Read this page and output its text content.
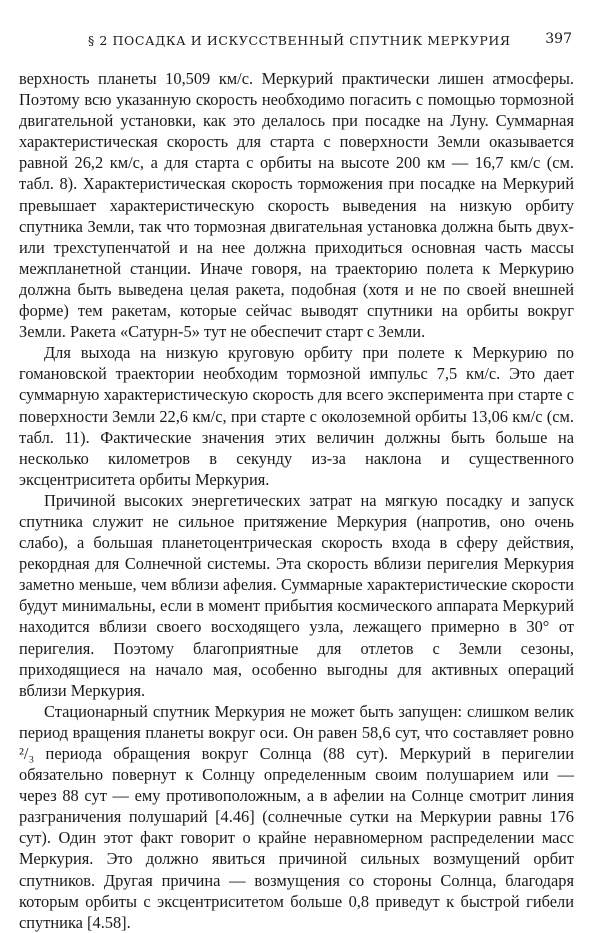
§ 2 ПОСАДКА И ИСКУССТВЕННЫЙ СПУТНИК МЕРКУРИЯ 397

верхность планеты 10,509 км/с. Меркурий практически лишен атмосферы. Поэтому всю указанную скорость необходимо погасить с помощью тормозной двигательной установки, как это делалось при посадке на Луну. Суммарная характеристическая скорость для старта с поверхности Земли оказывается равной 26,2 км/с, а для старта с орбиты на высоте 200 км — 16,7 км/с (см. табл. 8). Характеристическая скорость торможения при посадке на Меркурий превышает характеристическую скорость выведения на низкую орбиту спутника Земли, так что тормозная двигательная установка должна быть двух- или трехступенчатой и на нее должна приходиться основная часть массы межпланетной станции. Иначе говоря, на траекторию полета к Меркурию должна быть выведена целая ракета, подобная (хотя и не по своей внешней форме) тем ракетам, которые сейчас выводят спутники на орбиты вокруг Земли. Ракета «Сатурн-5» тут не обеспечит старт с Земли.

Для выхода на низкую круговую орбиту при полете к Меркурию по гомановской траектории необходим тормозной импульс 7,5 км/с. Это дает суммарную характеристическую скорость для всего эксперимента при старте с поверхности Земли 22,6 км/с, при старте с околоземной орбиты 13,06 км/с (см. табл. 11). Фактические значения этих величин должны быть больше на несколько километров в секунду из-за наклона и существенного эксцентриситета орбиты Меркурия.

Причиной высоких энергетических затрат на мягкую посадку и запуск спутника служит не сильное притяжение Меркурия (напротив, оно очень слабо), а большая планетоцентрическая скорость входа в сферу действия, рекордная для Солнечной системы. Эта скорость вблизи перигелия Меркурия заметно меньше, чем вблизи афелия. Суммарные характеристические скорости будут минимальны, если в момент прибытия космического аппарата Меркурий находится вблизи своего восходящего узла, лежащего примерно в 30° от перигелия. Поэтому благоприятные для отлетов с Земли сезоны, приходящиеся на начало мая, особенно выгодны для активных операций вблизи Меркурия.

Стационарный спутник Меркурия не может быть запущен: слишком велик период вращения планеты вокруг оси. Он равен 58,6 сут, что составляет ровно ²/₃ периода обращения вокруг Солнца (88 сут). Меркурий в перигелии обязательно повернут к Солнцу определенным своим полушарием или — через 88 сут — ему противоположным, а в афелии на Солнце смотрит линия разграничения полушарий [4.46] (солнечные сутки на Меркурии равны 176 сут). Один этот факт говорит о крайне неравномерном распределении масс Меркурия. Это должно явиться причиной сильных возмущений орбит спутников. Другая причина — возмущения со стороны Солнца, благодаря которым орбиты с эксцентриситетом больше 0,8 приведут к быстрой гибели спутника [4.58].
